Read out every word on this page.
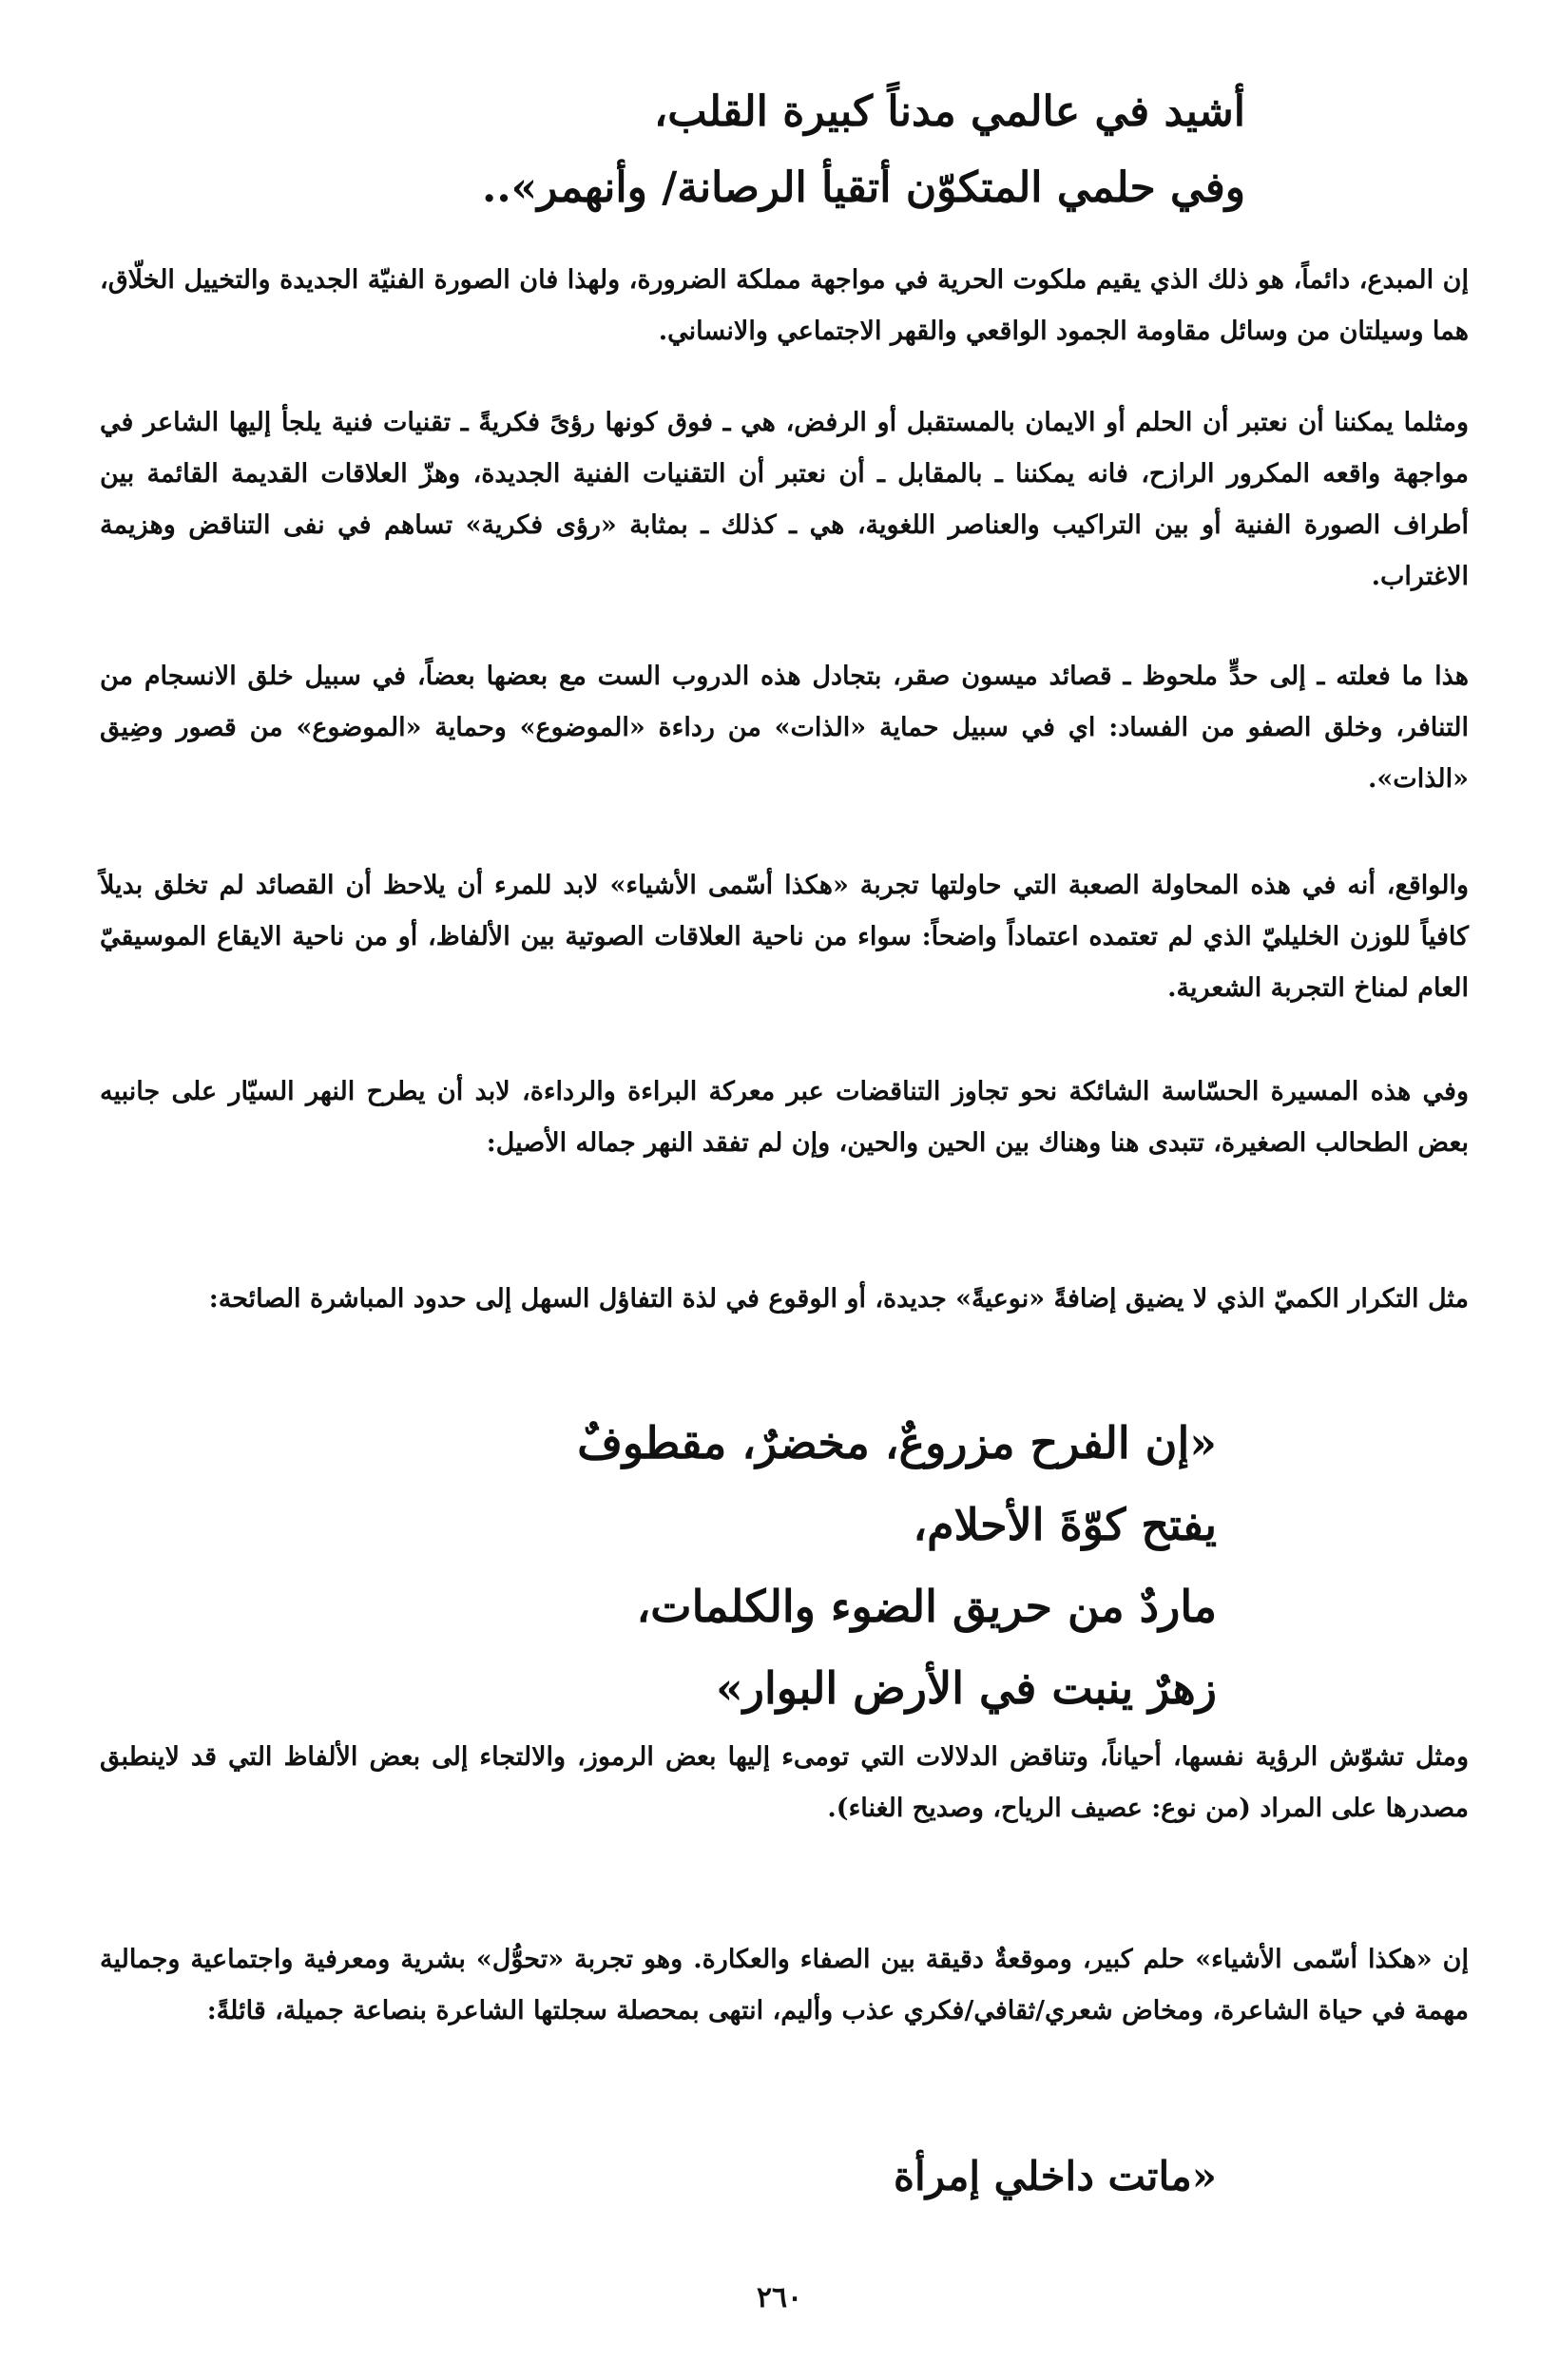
أشيد في عالمي مدناً كبيرة القلب،
وفي حلمي المتكوّن أتقيأ الرصانة/ وأنهمر»..

إن المبدع، دائماً، هو ذلك الذي يقيم ملكوت الحرية في مواجهة مملكة الضرورة، ولهذا فان الصورة الفنيّة الجديدة والتخييل الخلّاق، هما وسيلتان من وسائل مقاومة الجمود الواقعي والقهر الاجتماعي والانساني.

ومثلما يمكننا أن نعتبر أن الحلم أو الايمان بالمستقبل أو الرفض، هي ـ فوق كونها رؤىً فكريةً ـ تقنيات فنية يلجأ إليها الشاعر في مواجهة واقعه المكرور الرازح، فانه يمكننا ـ بالمقابل ـ أن نعتبر أن التقنيات الفنية الجديدة، وهزّ العلاقات القديمة القائمة بين أطراف الصورة الفنية أو بين التراكيب والعناصر اللغوية، هي ـ كذلك ـ بمثابة «رؤى فكرية» تساهم في نفى التناقض وهزيمة الاغتراب.

هذا ما فعلته ـ إلى حدٍّ ملحوظ ـ قصائد ميسون صقر، بتجادل هذه الدروب الست مع بعضها بعضاً، في سبيل خلق الانسجام من التنافر، وخلق الصفو من الفساد: اي في سبيل حماية «الذات» من رداءة «الموضوع» وحماية «الموضوع» من قصور وضِيق «الذات».

والواقع، أنه في هذه المحاولة الصعبة التي حاولتها تجربة «هكذا أسّمى الأشياء» لابد للمرء أن يلاحظ أن القصائد لم تخلق بديلاً كافياً للوزن الخليليّ الذي لم تعتمده اعتماداً واضحاً: سواء من ناحية العلاقات الصوتية بين الألفاظ، أو من ناحية الايقاع الموسيقيّ العام لمناخ التجربة الشعرية.

وفي هذه المسيرة الحسّاسة الشائكة نحو تجاوز التناقضات عبر معركة البراءة والرداءة، لابد أن يطرح النهر السيّار على جانبيه بعض الطحالب الصغيرة، تتبدى هنا وهناك بين الحين والحين، وإن لم تفقد النهر جماله الأصيل:

مثل التكرار الكميّ الذي لا يضيق إضافةً «نوعيةً» جديدة، أو الوقوع في لذة التفاؤل السهل إلى حدود المباشرة الصائحة:

«إن الفرح مزروعٌ، مخضرٌ، مقطوفٌ
يفتح كوّةَ الأحلام،
ماردٌ من حريق الضوء والكلمات،
زهرٌ ينبت في الأرض البوار»

ومثل تشوّش الرؤية نفسها، أحياناً، وتناقض الدلالات التي تومىء إليها بعض الرموز، والالتجاء إلى بعض الألفاظ التي قد لاينطبق مصدرها على المراد (من نوع: عصيف الرياح، وصديح الغناء).

إن «هكذا أسّمى الأشياء» حلم كبير، وموقعةٌ دقيقة بين الصفاء والعكارة. وهو تجربة «تحوُّل» بشرية ومعرفية واجتماعية وجمالية مهمة في حياة الشاعرة، ومخاض شعري/ثقافي/فكري عذب وأليم، انتهى بمحصلة سجلتها الشاعرة بنصاعة جميلة، قائلةً:

«ماتت داخلي إمرأة
٢٦٠
